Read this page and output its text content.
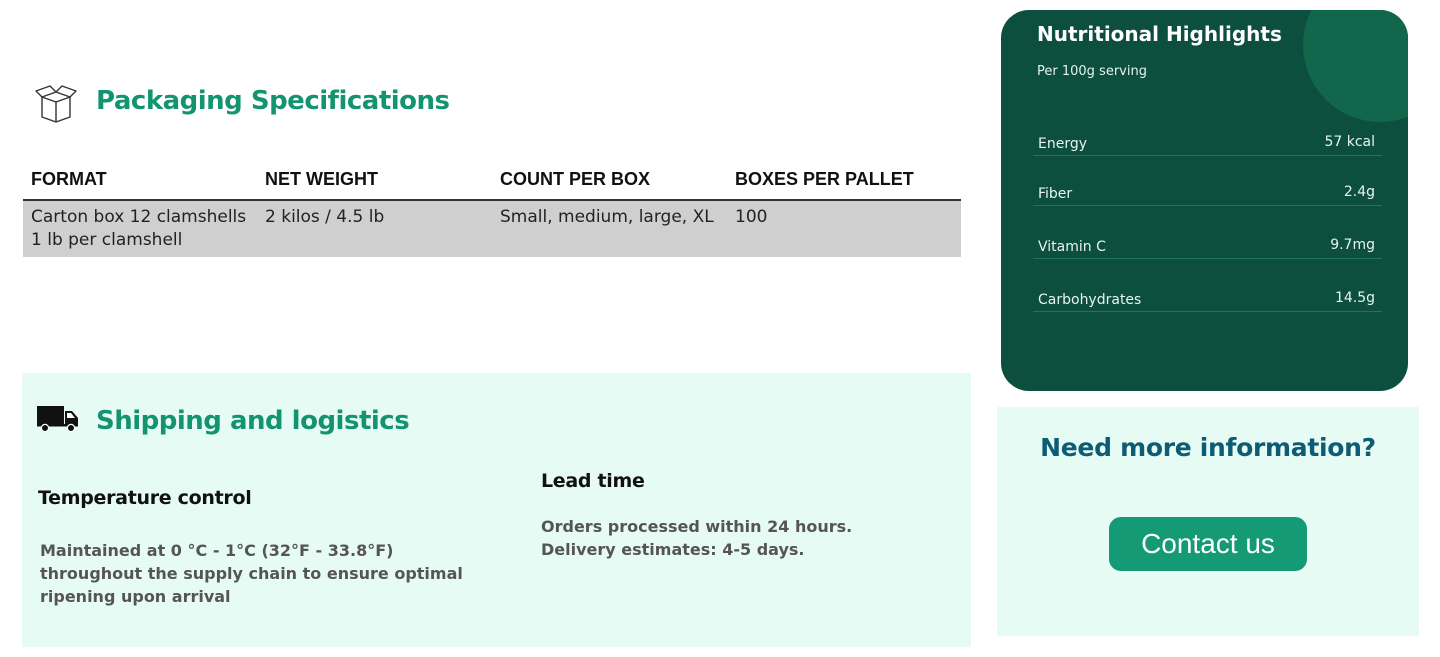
Packaging Specifications
FORMAT	NET WEIGHT	COUNT PER BOX	BOXES PER PALLET

Carton box 12 clamshells
1 lb per clamshell	2 kilos / 4.5 lb	Small, medium, large, XL	100
Shipping and logistics
Temperature control

Maintained at 0 °C - 1°C (32°F - 33.8°F) throughout the supply chain to ensure optimal ripening upon arrival

Lead time

Orders processed within 24 hours. Delivery estimates: 4-5 days.

Nutritional Highlights
Per 100g serving
Energy	57 kcal
Fiber	2.4g
Vitamin C	9.7mg
Carbohydrates	14.5g
Need more information?
Contact us
